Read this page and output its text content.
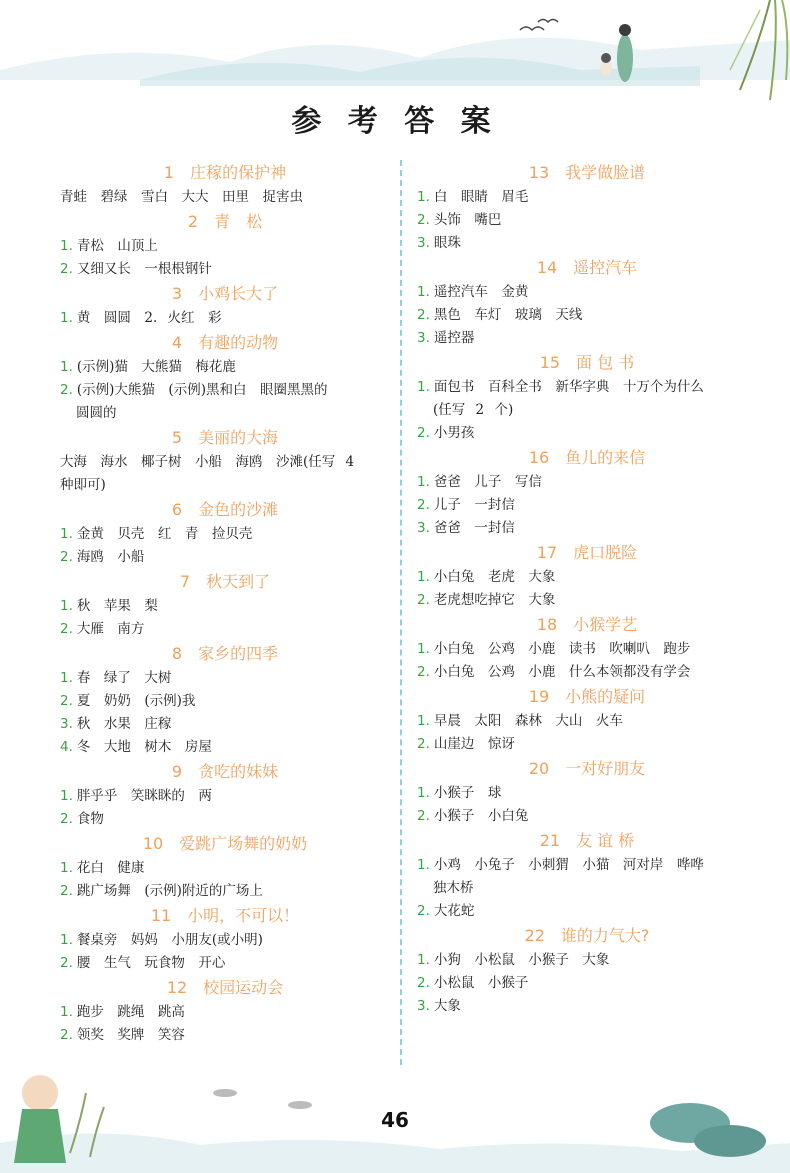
参 考 答 案
1 庄稼的保护神
青蛙　碧绿　雪白　大大　田里　捉害虫
2 青　松
1. 青松　山顶上
2. 又细又长　一根根钢针
3 小鸡长大了
1. 黄　圆圆　2. 火红　彩
4 有趣的动物
1. (示例)猫　大熊猫　梅花鹿
2. (示例)大熊猫　(示例)黑和白　眼圈黑黑的
圆圆的
5 美丽的大海
大海　海水　椰子树　小船　海鸥　沙滩(任写 4
种即可)
6 金色的沙滩
1. 金黄　贝壳　红　青　捡贝壳
2. 海鸥　小船
7 秋天到了
1. 秋　苹果　梨
2. 大雁　南方
8 家乡的四季
1. 春　绿了　大树
2. 夏　奶奶　(示例)我
3. 秋　水果　庄稼
4. 冬　大地　树木　房屋
9 贪吃的妹妹
1. 胖乎乎　笑眯眯的　两
2. 食物
10 爱跳广场舞的奶奶
1. 花白　健康
2. 跳广场舞　(示例)附近的广场上
11 小明，不可以！
1. 餐桌旁　妈妈　小朋友(或小明)
2. 腰　生气　玩食物　开心
12 校园运动会
1. 跑步　跳绳　跳高
2. 领奖　奖牌　笑容
13 我学做脸谱
1. 白　眼睛　眉毛
2. 头饰　嘴巴
3. 眼珠
14 遥控汽车
1. 遥控汽车　金黄
2. 黑色　车灯　玻璃　天线
3. 遥控器
15 面 包 书
1. 面包书　百科全书　新华字典　十万个为什么
(任写 2 个)
2. 小男孩
16 鱼儿的来信
1. 爸爸　儿子　写信
2. 儿子　一封信
3. 爸爸　一封信
17 虎口脱险
1. 小白兔　老虎　大象
2. 老虎想吃掉它　大象
18 小猴学艺
1. 小白兔　公鸡　小鹿　读书　吹喇叭　跑步
2. 小白兔　公鸡　小鹿　什么本领都没有学会
19 小熊的疑问
1. 早晨　太阳　森林　大山　火车
2. 山崖边　惊讶
20 一对好朋友
1. 小猴子　球
2. 小猴子　小白兔
21 友 谊 桥
1. 小鸡　小兔子　小刺猬　小猫　河对岸　哗哗
独木桥
2. 大花蛇
22 谁的力气大?
1. 小狗　小松鼠　小猴子　大象
2. 小松鼠　小猴子
3. 大象
46
